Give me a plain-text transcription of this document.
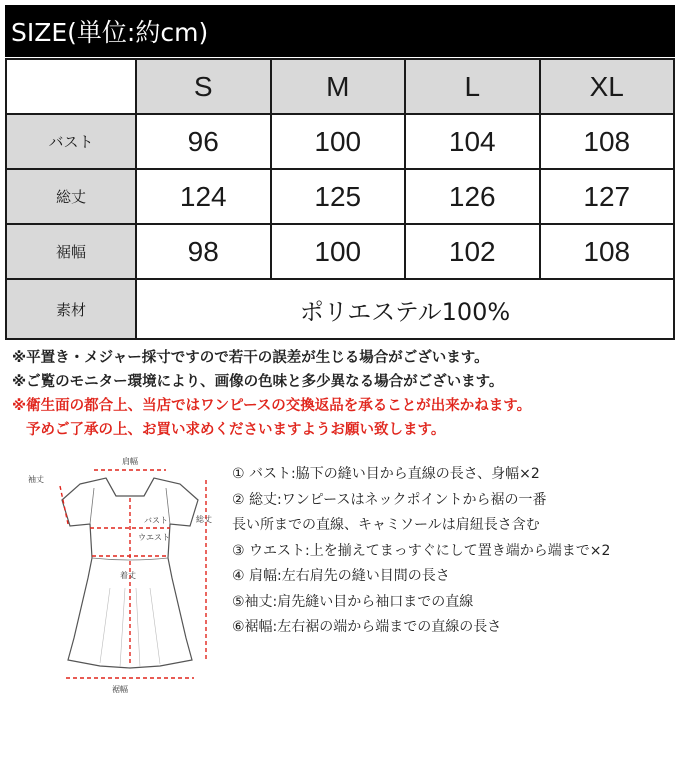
SIZE(単位:約cm)
	S	M	L	XL
バスト	96	100	104	108
総丈	124	125	126	127
裾幅	98	100	102	108
素材	ポリエステル100%			
※平置き・メジャー採寸ですので若干の誤差が生じる場合がございます。
※ご覧のモニター環境により、画像の色味と多少異なる場合がございます。
※衛生面の都合上、当店ではワンピースの交換返品を承ることが出来かねます。
予めご了承の上、お買い求めくださいますようお願い致します。
肩幅
袖丈
総丈
バスト
ウエスト
着丈
裾幅
① バスト:脇下の縫い目から直線の長さ、身幅×2
② 総丈:ワンピースはネックポイントから裾の一番
長い所までの直線、キャミソールは肩紐長さ含む
③ ウエスト:上を揃えてまっすぐにして置き端から端まで×2
④ 肩幅:左右肩先の縫い目間の長さ
⑤袖丈:肩先縫い目から袖口までの直線
⑥裾幅:左右裾の端から端までの直線の長さ
